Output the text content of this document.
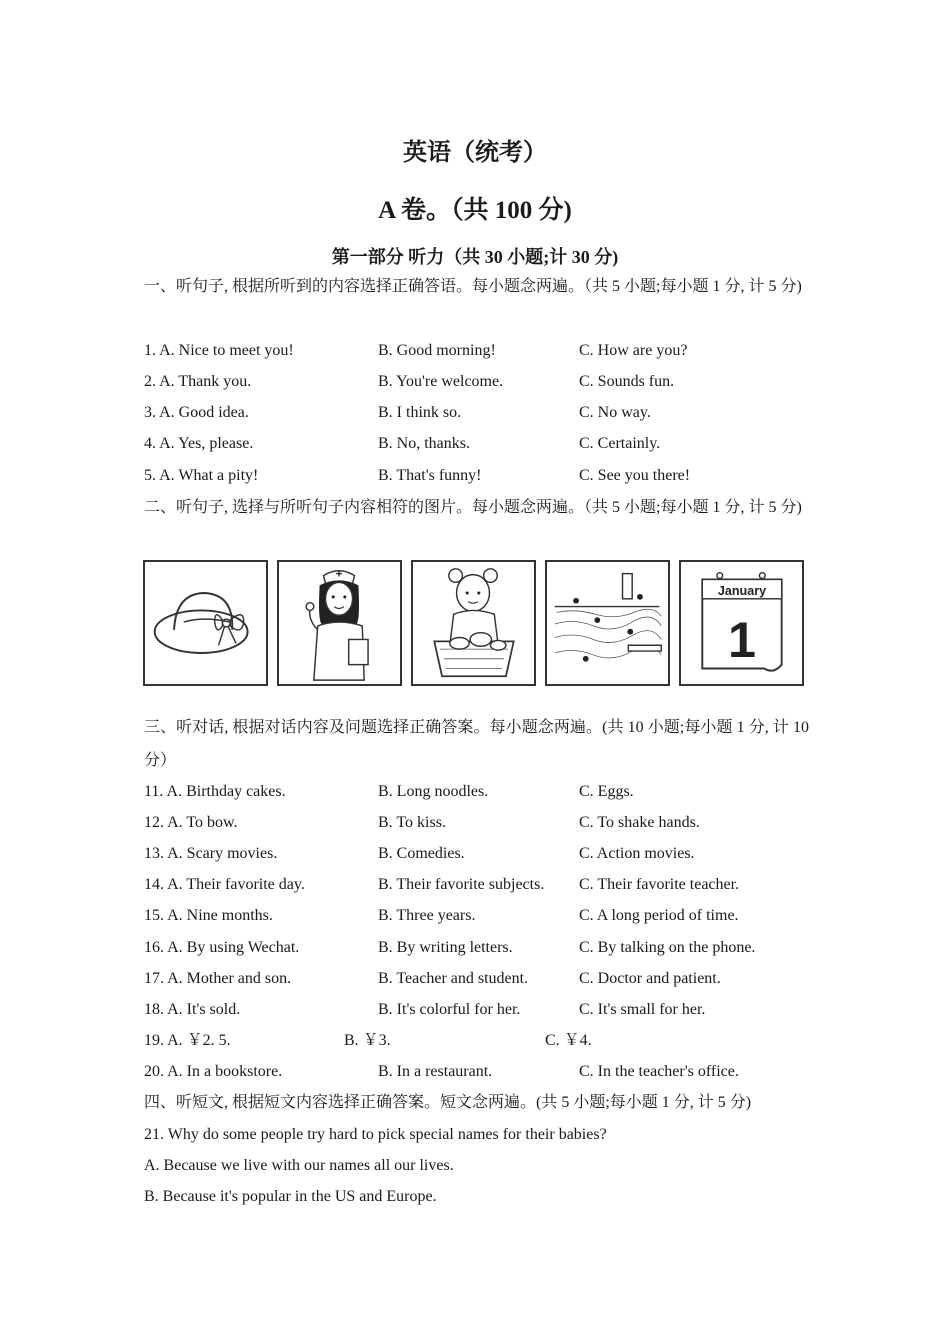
英语（统考）
A 卷。（共 100 分)
第一部分 听力（共 30 小题;计 30 分)
一、听句子, 根据所听到的内容选择正确答语。每小题念两遍。（共 5 小题;每小题 1 分, 计 5 分)
1. A. Nice to meet you!	B. Good morning!	C. How are you?
2. A. Thank you.	B. You're welcome.	C. Sounds fun.
3. A. Good idea.	B. I think so.	C. No way.
4. A. Yes, please.	B. No, thanks.	C. Certainly.
5. A. What a pity!	B. That's funny!	C. See you there!
二、听句子, 选择与所听句子内容相符的图片。每小题念两遍。（共 5 小题;每小题 1 分, 计 5 分)
January
1
三、听对话, 根据对话内容及问题选择正确答案。每小题念两遍。(共 10 小题;每小题 1 分, 计 10 分）
11. A. Birthday cakes.	B. Long noodles.	C. Eggs.
12. A. To bow.	B. To kiss.	C. To shake hands.
13. A. Scary movies.	B. Comedies.	C. Action movies.
14. A. Their favorite day.	B. Their favorite subjects. C. Their favorite teacher.
15. A. Nine months.	B. Three years.	C. A long period of time.
16. A. By using Wechat.	B. By writing letters.	C. By talking on the phone.
17. A. Mother and son.	B. Teacher and student.	C. Doctor and patient.
18. A. It's sold.	B. It's colorful for her.	C. It's small for her.
19. A. ￥2. 5.	B. ￥3.	C. ￥4.
20. A. In a bookstore.	B. In a restaurant.	C. In the teacher's office.
四、听短文, 根据短文内容选择正确答案。短文念两遍。(共 5 小题;每小题 1 分, 计 5 分)
21. Why do some people try hard to pick special names for their babies?
A. Because we live with our names all our lives.
B. Because it's popular in the US and Europe.
